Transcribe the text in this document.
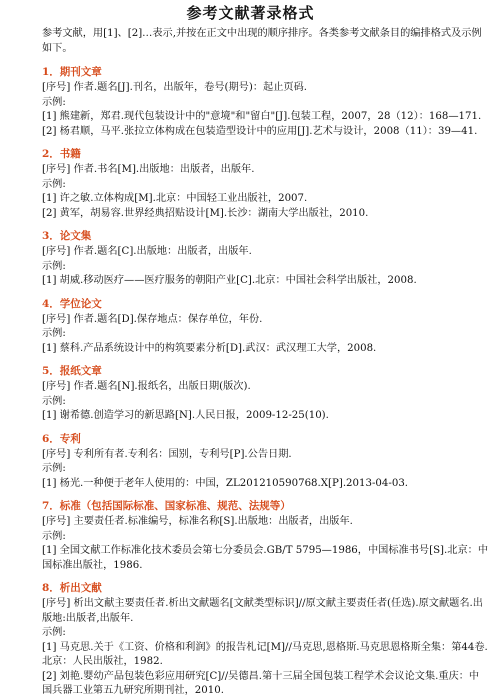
参考文献著录格式
参考文献，用[1]、[2]…表示,并按在正文中出现的顺序排序。各类参考文献条目的编排格式及示例如下。
1．期刊文章
[序号] 作者.题名[J].刊名，出版年，卷号(期号)：起止页码.
示例:
[1] 熊建新，郑君.现代包装设计中的"意境"和"留白"[J].包装工程，2007，28（12）：168—171.
[2] 杨君顺，马平.张拉立体构成在包装造型设计中的应用[J].艺术与设计，2008（11）：39—41.
2．书籍
[序号] 作者.书名[M].出版地：出版者，出版年.
示例:
[1] 许之敏.立体构成[M].北京：中国轻工业出版社，2007.
[2] 黄军，胡易容.世界经典招贴设计[M].长沙：湖南大学出版社，2010.
3．论文集
[序号] 作者.题名[C].出版地：出版者，出版年.
示例:
[1] 胡威.移动医疗——医疗服务的朝阳产业[C].北京：中国社会科学出版社，2008.
4．学位论文
[序号] 作者.题名[D].保存地点：保存单位，年份.
示例:
[1] 蔡科.产品系统设计中的构筑要素分析[D].武汉：武汉理工大学，2008.
5．报纸文章
[序号] 作者.题名[N].报纸名，出版日期(版次).
示例:
[1] 谢希德.创造学习的新思路[N].人民日报，2009-12-25(10).
6．专利
[序号] 专利所有者.专利名：国别，专利号[P].公告日期.
示例:
[1] 杨光.一种便于老年人使用的：中国，ZL201210590768.X[P].2013-04-03.
7．标准（包括国际标准、国家标准、规范、法规等）
[序号] 主要责任者.标准编号，标准名称[S].出版地：出版者，出版年.
示例:
[1] 全国文献工作标准化技术委员会第七分委员会.GB/T 5795—1986，中国标准书号[S].北京：中国标准出版社，1986.
8．析出文献
[序号] 析出文献主要责任者.析出文献题名[文献类型标识]//原文献主要责任者(任选).原文献题名.出版地:出版者,出版年.
示例:
[1] 马克思.关于《工资、价格和利润》的报告札记[M]//马克思,恩格斯.马克思恩格斯全集：第44卷.北京：人民出版社，1982.
[2] 刘艳.婴幼产品包装色彩应用研究[C]//吴德昌.第十三届全国包装工程学术会议论文集.重庆：中国兵器工业第五九研究所期刊社，2010.
